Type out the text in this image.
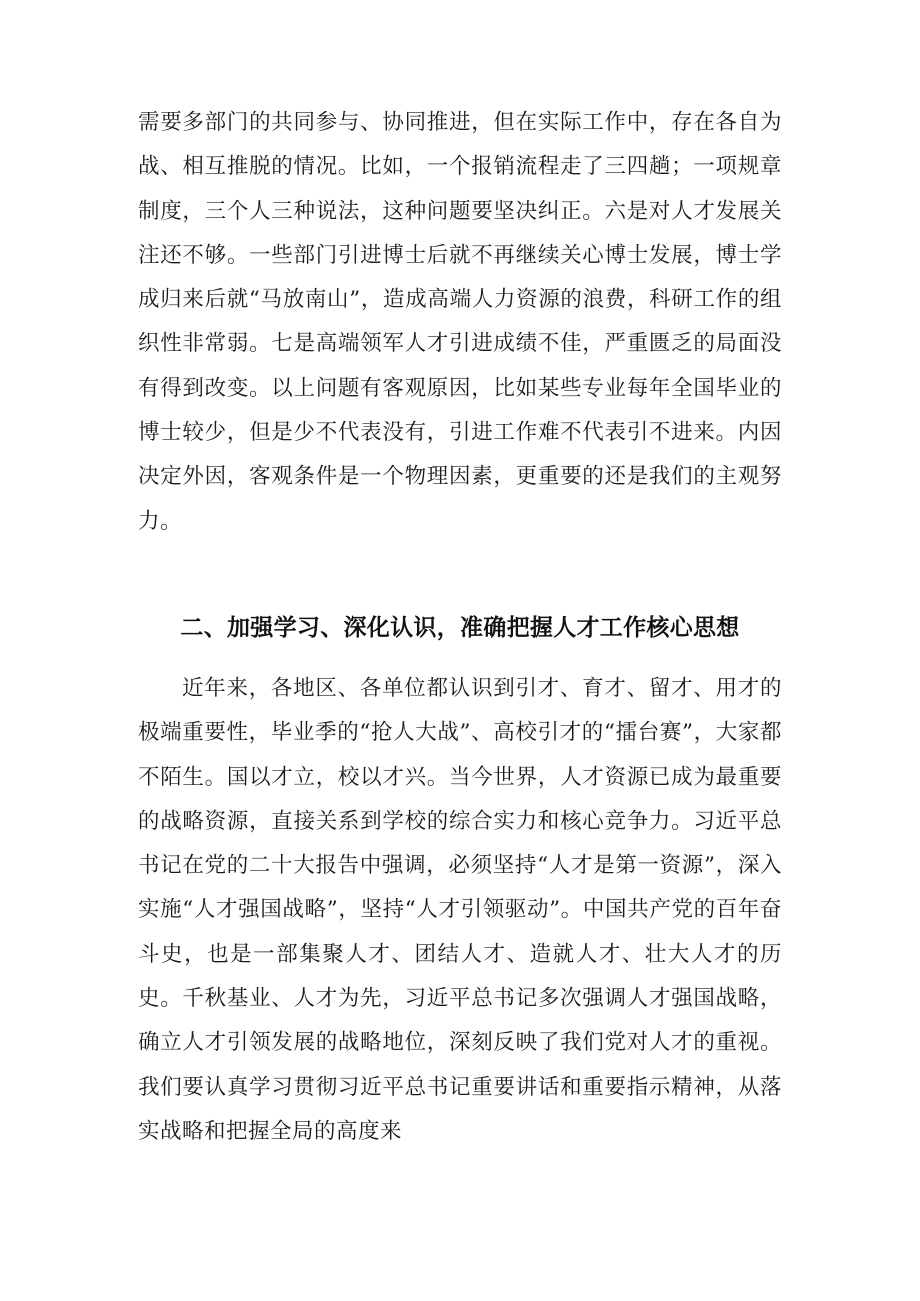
需要多部门的共同参与、协同推进，但在实际工作中，存在各自为战、相互推脱的情况。比如，一个报销流程走了三四趟；一项规章制度，三个人三种说法，这种问题要坚决纠正。六是对人才发展关注还不够。一些部门引进博士后就不再继续关心博士发展，博士学成归来后就“马放南山”，造成高端人力资源的浪费，科研工作的组织性非常弱。七是高端领军人才引进成绩不佳，严重匮乏的局面没有得到改变。以上问题有客观原因，比如某些专业每年全国毕业的博士较少，但是少不代表没有，引进工作难不代表引不进来。内因决定外因，客观条件是一个物理因素，更重要的还是我们的主观努力。

二、加强学习、深化认识，准确把握人才工作核心思想

近年来，各地区、各单位都认识到引才、育才、留才、用才的极端重要性，毕业季的“抢人大战”、高校引才的“擂台赛”，大家都不陌生。国以才立，校以才兴。当今世界，人才资源已成为最重要的战略资源，直接关系到学校的综合实力和核心竞争力。习近平总书记在党的二十大报告中强调，必须坚持“人才是第一资源”，深入实施“人才强国战略”，坚持“人才引领驱动”。中国共产党的百年奋斗史，也是一部集聚人才、团结人才、造就人才、壮大人才的历史。千秋基业、人才为先，习近平总书记多次强调人才强国战略，确立人才引领发展的战略地位，深刻反映了我们党对人才的重视。我们要认真学习贯彻习近平总书记重要讲话和重要指示精神，从落实战略和把握全局的高度来
